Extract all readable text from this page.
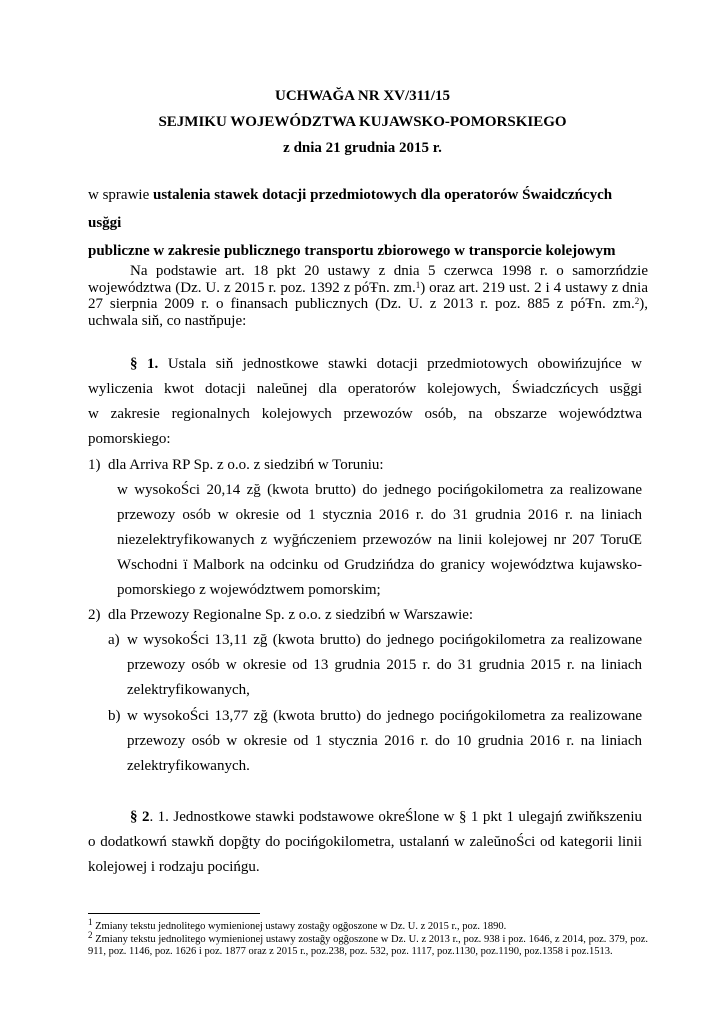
UCHWAĞA NR XV/311/15
SEJMIKU WOJEWÓDZTWA KUJAWSKO-POMORSKIEGO
z dnia 21 grudnia 2015 r.
w sprawie ustalenia stawek dotacji przedmiotowych dla operatorów Śwaidczńcych usğgi
publiczne w zakresie publicznego transportu zbiorowego w transporcie kolejowym

Na podstawie art. 18 pkt 20 ustawy z dnia 5 czerwca 1998 r. o samorzńdzie województwa (Dz. U. z 2015 r. poz. 1392 z póŦn. zm.$^1$) oraz art. 219 ust. 2 i 4 ustawy z dnia 27 sierpnia 2009 r. o finansach publicznych (Dz. U. z 2013 r. poz. 885 z póŦn. zm.$^2$), uchwala siň, co nastňpuje:

§ 1. Ustala siň jednostkowe stawki dotacji przedmiotowych obowińzujńce w
wyliczenia kwot dotacji naleŭnej dla operatorów kolejowych, Świadczńcych usğgi
w zakresie regionalnych kolejowych przewozów osób, na obszarze województwa
pomorskiego:
1) dla Arriva RP Sp. z o.o. z siedzibń w Toruniu:
w wysokoŚci 20,14 zğ (kwota brutto) do jednego pocińgokilometra za realizowane
przewozy osób w okresie od 1 stycznia 2016 r. do 31 grudnia 2016 r. na liniach
niezelektryfikowanych z wyğńczeniem przewozów na linii kolejowej nr 207 ToruŒ
Wschodni ï Malbork na odcinku od Grudzińdza do granicy województwa kujawsko-
pomorskiego z województwem pomorskim;
2) dla Przewozy Regionalne Sp. z o.o. z siedzibń w Warszawie:
a) w wysokoŚci 13,11 zğ (kwota brutto) do jednego pocińgokilometra za realizowane
przewozy osób w okresie od 13 grudnia 2015 r. do 31 grudnia 2015 r. na liniach
zelektryfikowanych,
b) w wysokoŚci 13,77 zğ (kwota brutto) do jednego pocińgokilometra za realizowane
przewozy osób w okresie od 1 stycznia 2016 r. do 10 grudnia 2016 r. na liniach
zelektryfikowanych.
§ 2. 1. Jednostkowe stawki podstawowe okreŚlone w § 1 pkt 1 ulegajń zwiňkszeniu
o dodatkowń stawkň dopğty do pocińgokilometra, ustalanń w zaleŭnoŚci od kategorii linii
kolejowej i rodzaju pocińgu.
$^1$ Zmiany tekstu jednolitego wymienionej ustawy zostağy ogğoszone w Dz. U. z 2015 r., poz. 1890.
$^2$ Zmiany tekstu jednolitego wymienionej ustawy zostağy ogğoszone w Dz. U. z 2013 r., poz. 938 i poz. 1646, z 2014, poz. 379, poz. 911, poz. 1146, poz. 1626 i poz. 1877 oraz z 2015 r., poz.238, poz. 532, poz. 1117, poz.1130, poz.1190, poz.1358 i poz.1513.
